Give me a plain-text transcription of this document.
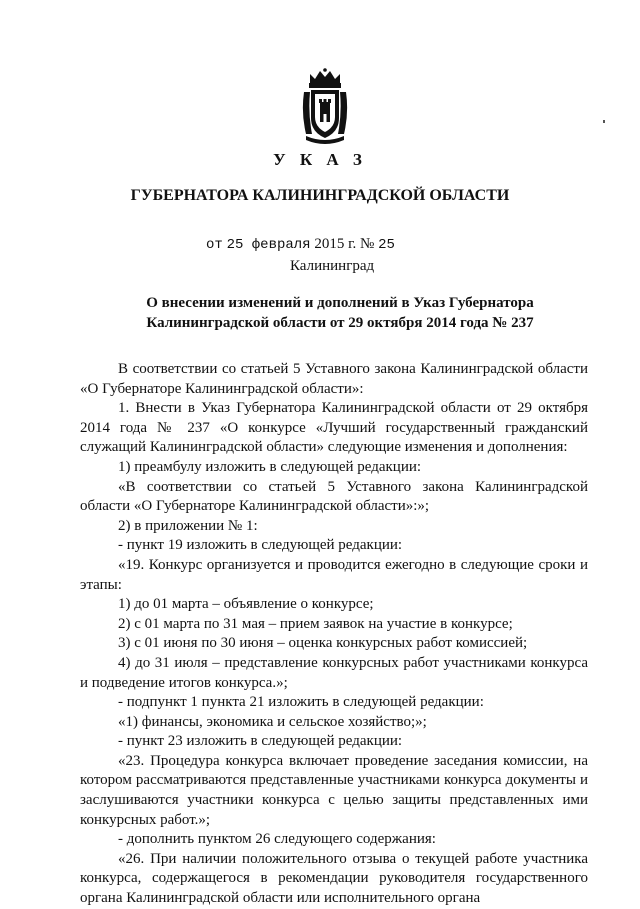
У К А З
ГУБЕРНАТОРА КАЛИНИНГРАДСКОЙ ОБЛАСТИ
от 25 февраля 2015 г. № 25
Калининград
О внесении изменений и дополнений в Указ Губернатора
Калининградской области от 29 октября 2014 года № 237

В соответствии со статьей 5 Уставного закона Калининградской области «О Губернаторе Калининградской области»:

1. Внести в Указ Губернатора Калининградской области от 29 октября 2014 года № 237 «О конкурсе «Лучший государственный гражданский служащий Калининградской области» следующие изменения и дополнения:

1) преамбулу изложить в следующей редакции:

«В соответствии со статьей 5 Уставного закона Калининградской области «О Губернаторе Калининградской области»:»;

2) в приложении № 1:

- пункт 19 изложить в следующей редакции:

«19. Конкурс организуется и проводится ежегодно в следующие сроки и этапы:

1) до 01 марта – объявление о конкурсе;

2) с 01 марта по 31 мая – прием заявок на участие в конкурсе;

3) с 01 июня по 30 июня – оценка конкурсных работ комиссией;

4) до 31 июля – представление конкурсных работ участниками конкурса и подведение итогов конкурса.»;

- подпункт 1 пункта 21 изложить в следующей редакции:

«1) финансы, экономика и сельское хозяйство;»;

- пункт 23 изложить в следующей редакции:

«23. Процедура конкурса включает проведение заседания комиссии, на котором рассматриваются представленные участниками конкурса документы и заслушиваются участники конкурса с целью защиты представленных ими конкурсных работ.»;

- дополнить пунктом 26 следующего содержания:

«26. При наличии положительного отзыва о текущей работе участника конкурса, содержащегося в рекомендации руководителя государственного органа Калининградской области или исполнительного органа
